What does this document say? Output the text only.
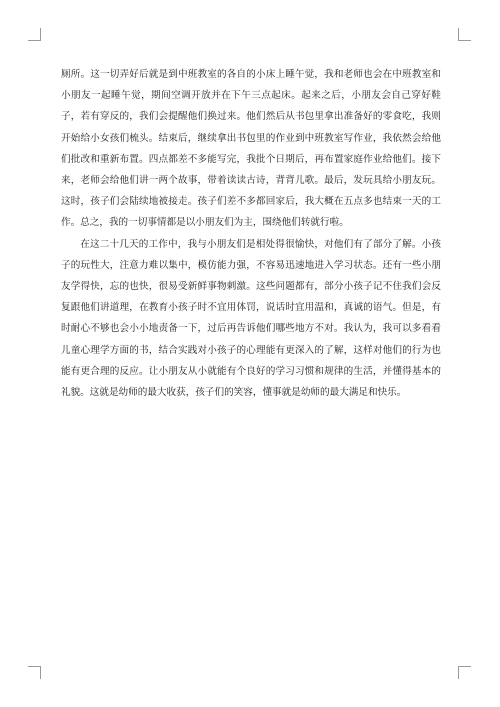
厕所。这一切弄好后就是到中班教室的各自的小床上睡午觉，我和老师也会在中班教室和小朋友一起睡午觉，期间空调开放并在下午三点起床。起来之后，小朋友会自己穿好鞋子，若有穿反的，我们会提醒他们换过来。他们然后从书包里拿出准备好的零食吃，我则开始给小女孩们梳头。结束后，继续拿出书包里的作业到中班教室写作业，我依然会给他们批改和重新布置。四点都差不多能写完，我批个日期后，再布置家庭作业给他们。接下来，老师会给他们讲一两个故事，带着读读古诗，背背儿歌。最后，发玩具给小朋友玩。这时，孩子们会陆续地被接走。孩子们差不多都回家后，我大概在五点多也结束一天的工作。总之，我的一切事情都是以小朋友们为主，围绕他们转就行啦。

在这二十几天的工作中，我与小朋友们是相处得很愉快，对他们有了部分了解。小孩子的玩性大，注意力难以集中，模仿能力强，不容易迅速地进入学习状态。还有一些小朋友学得快，忘的也快，很易受新鲜事物刺激。这些问题都有，部分小孩子记不住我们会反复跟他们讲道理，在教育小孩子时不宜用体罚，说话时宜用温和，真诚的语气。但是，有时耐心不够也会小小地责备一下，过后再告诉他们哪些地方不对。我认为，我可以多看看儿童心理学方面的书，结合实践对小孩子的心理能有更深入的了解，这样对他们的行为也能有更合理的反应。让小朋友从小就能有个良好的学习习惯和规律的生活，并懂得基本的礼貌。这就是幼师的最大收获，孩子们的笑容，懂事就是幼师的最大满足和快乐。
